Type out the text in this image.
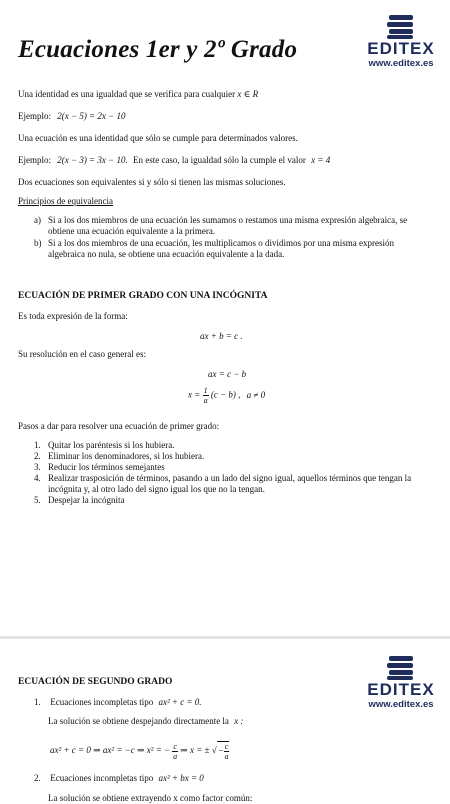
Ecuaciones 1er y 2º Grado	EDITEX
www.editex.es
Una identidad es una igualdad que se verifica para cualquier x ∈ R
Ejemplo: 2(x − 5) = 2x − 10
Una ecuación es una identidad que sólo se cumple para determinados valores.
Ejemplo: 2(x − 3) = 3x − 10. En este caso, la igualdad sólo la cumple el valor x = 4
Dos ecuaciones son equivalentes si y sólo si tienen las mismas soluciones.
Principios de equivalencia
a) Si a los dos miembros de una ecuación les sumamos o restamos una misma expresión algebraica, se
obtiene una ecuación equivalente a la primera.
b) Si a los dos miembros de una ecuación, les multiplicamos o dividimos por una misma expresión
algebraica no nula, se obtiene una ecuación equivalente a la dada.
ECUACIÓN DE PRIMER GRADO CON UNA INCÓGNITA
Es toda expresión de la forma:
ax + b = c .
Su resolución en el caso general es:
ax = c − b
$x = \frac{1}{a} (c - b)$ , a ≠ 0
Pasos a dar para resolver una ecuación de primer grado:
1. Quitar los paréntesis si los hubiera.
2. Eliminar los denominadores, si los hubiera.
3. Reducir los términos semejantes
4. Realizar trasposición de términos, pasando a un lado del signo igual, aquellos términos que tengan la
incógnita y, al otro lado del signo igual los que no la tengan.
5. Despejar la incógnita
EDITEX
www.editex.es
ECUACIÓN DE SEGUNDO GRADO
1. Ecuaciones incompletas tipo ax² + c = 0.
La solución se obtiene despejando directamente la x :
ax² + c = 0 ⇒ ax² = −c ⇒ x² = − $\frac{c}{a}$ ⇒ x = ± √ − $\frac{c}{a}$
2. Ecuaciones incompletas tipo ax² + bx = 0
La solución se obtiene extrayendo x como factor común:
